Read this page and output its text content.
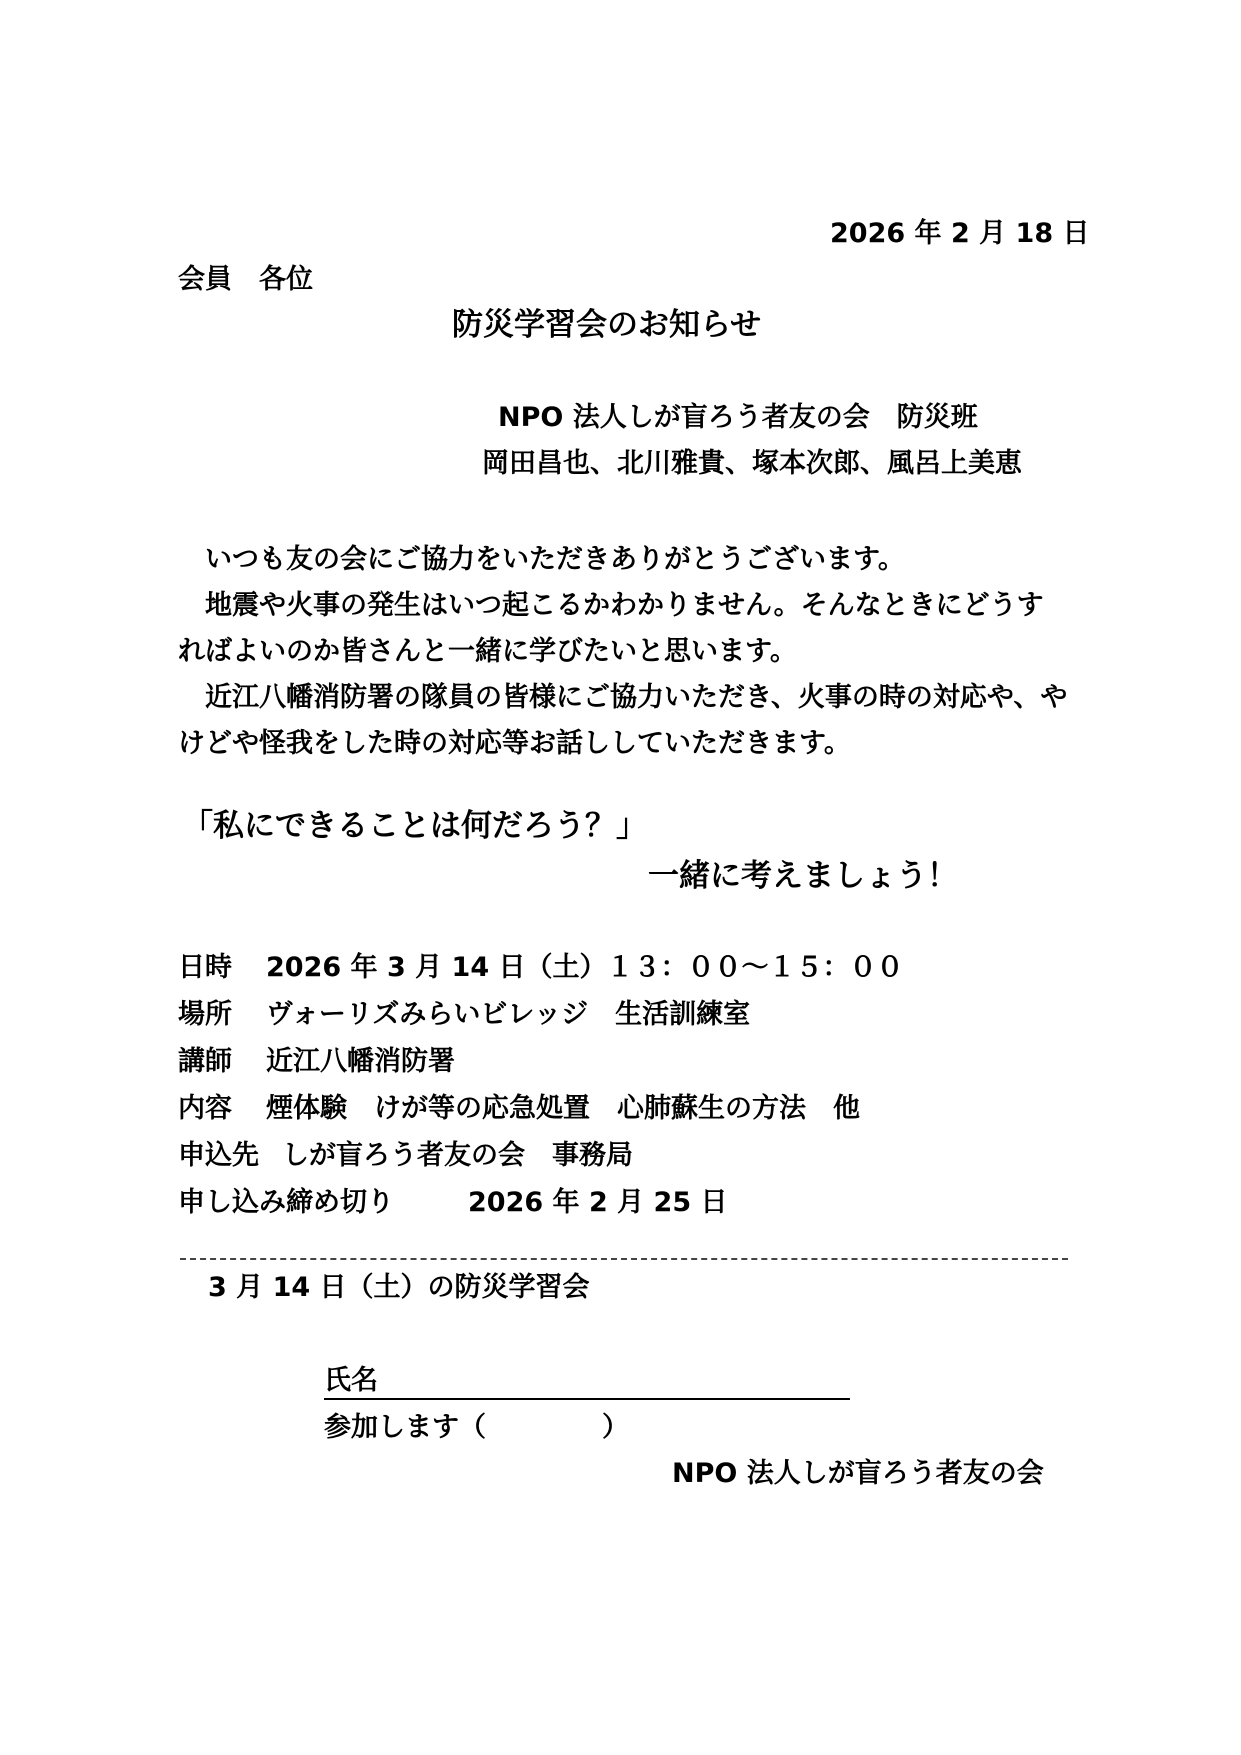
2026 年 2 月 18 日
会員　各位
防災学習会のお知らせ
NPO 法人しが盲ろう者友の会　防災班
岡田昌也、北川雅貴、塚本次郎、風呂上美恵

いつも友の会にご協力をいただきありがとうございます。

地震や火事の発生はいつ起こるかわかりません。そんなときにどうすればよいのか皆さんと一緒に学びたいと思います。

近江八幡消防署の隊員の皆様にご協力いただき、火事の時の対応や、やけどや怪我をした時の対応等お話ししていただきます。

「私にできることは何だろう？」
一緒に考えましょう！
日時	2026 年 3 月 14 日（土）１３：００～１５：００
場所	ヴォーリズみらいビレッジ　生活訓練室
講師	近江八幡消防署
内容	煙体験　けが等の応急処置　心肺蘇生の方法　他
申込先 しが盲ろう者友の会　事務局
申し込み締め切り	2026 年 2 月 25 日
3 月 14 日（土）の防災学習会
氏名
参加します（	）
NPO 法人しが盲ろう者友の会
